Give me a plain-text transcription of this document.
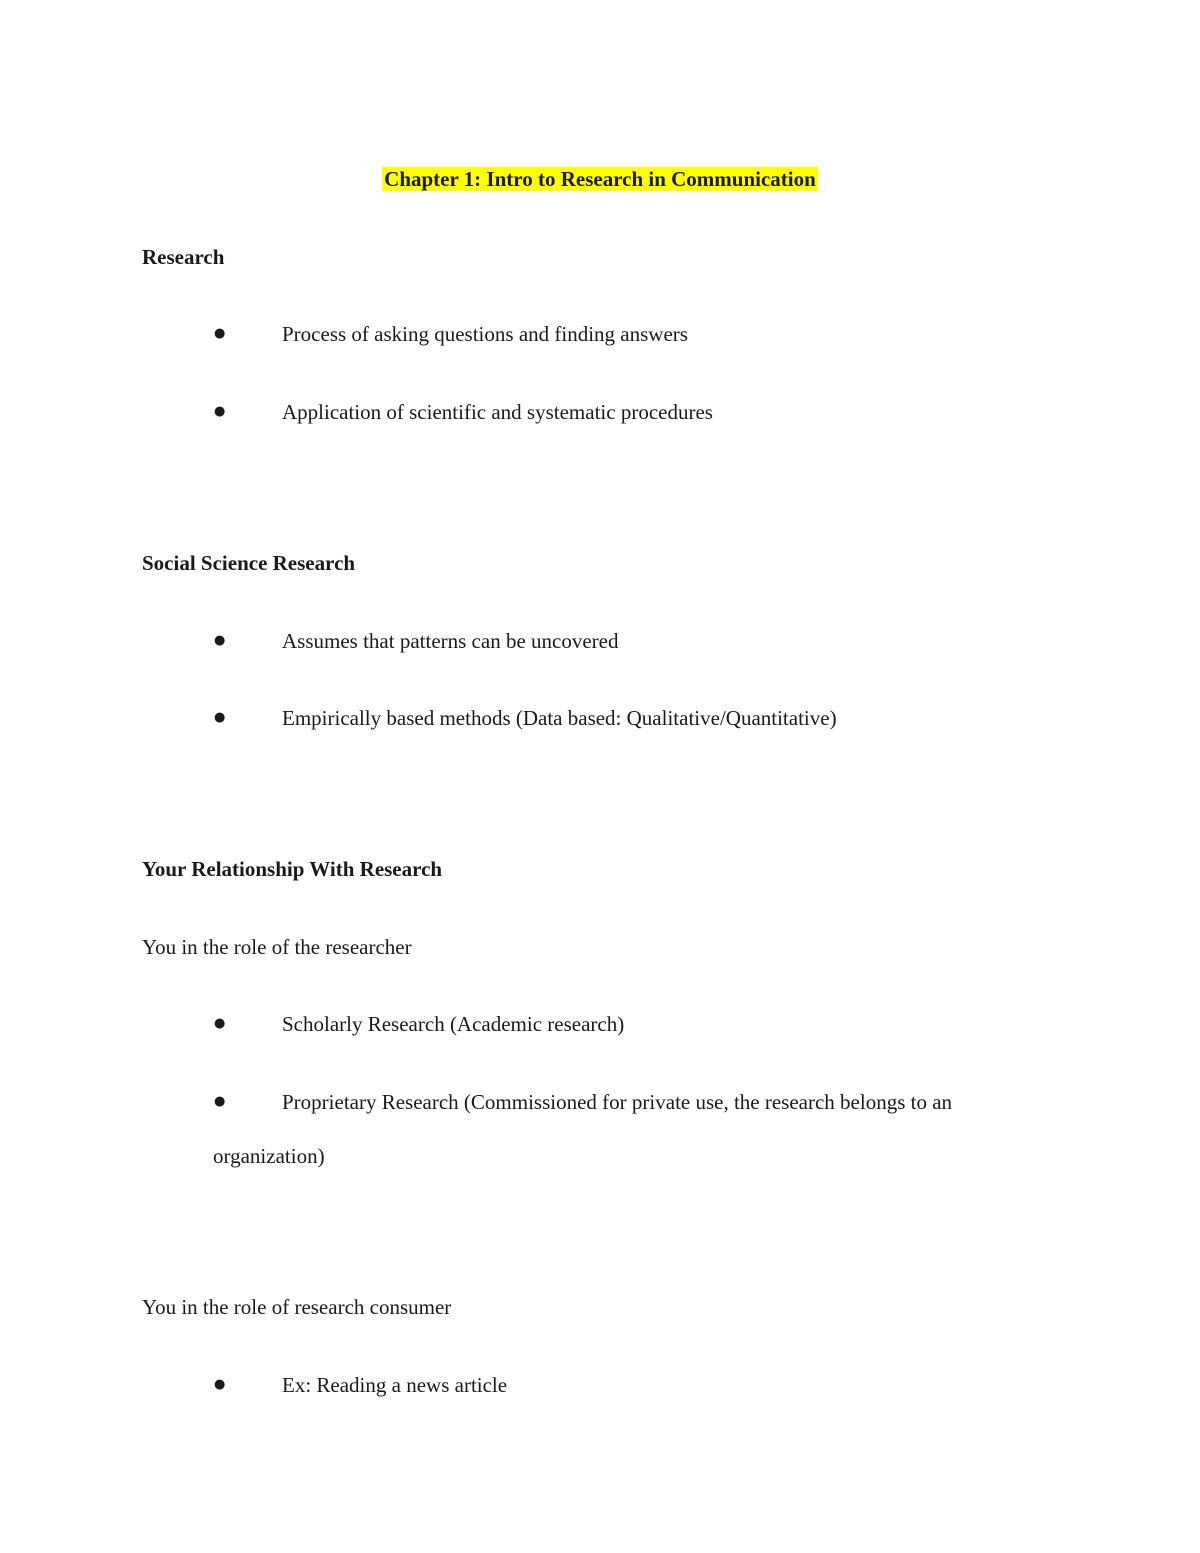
Chapter 1: Intro to Research in Communication
Research
●	Process of asking questions and finding answers
●	Application of scientific and systematic procedures
Social Science Research
●	Assumes that patterns can be uncovered
●	Empirically based methods (Data based: Qualitative/Quantitative)
Your Relationship With Research
You in the role of the researcher
●	Scholarly Research (Academic research)
●	Proprietary Research (Commissioned for private use, the research belongs to an
organization)
You in the role of research consumer
●	Ex: Reading a news article
